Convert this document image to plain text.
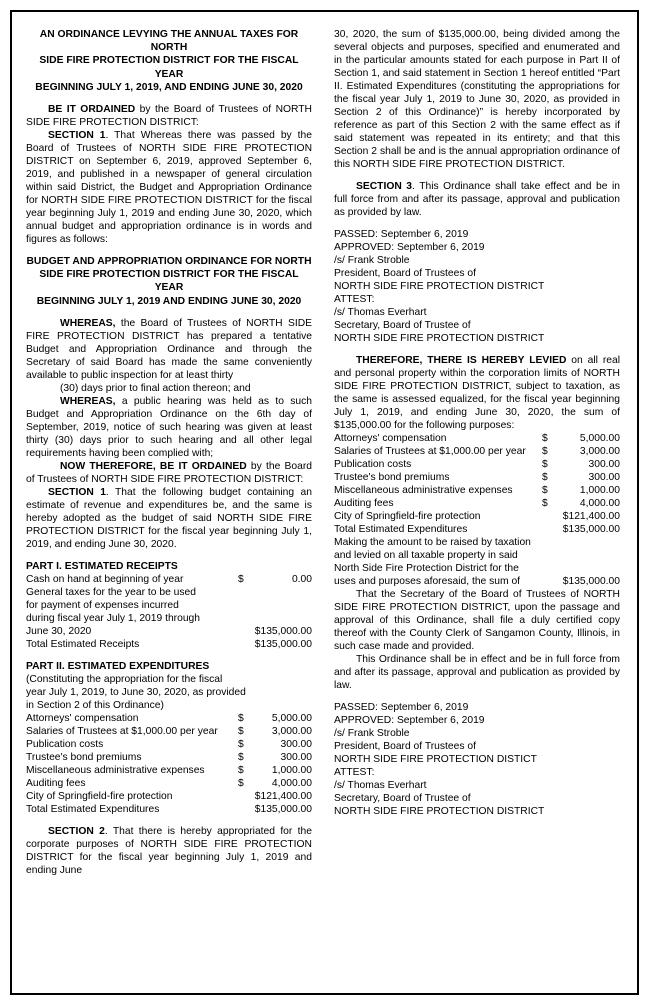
AN ORDINANCE LEVYING THE ANNUAL TAXES FOR NORTH
SIDE FIRE PROTECTION DISTRICT FOR THE FISCAL YEAR
BEGINNING JULY 1, 2019, AND ENDING JUNE 30, 2020

BE IT ORDAINED by the Board of Trustees of NORTH SIDE FIRE PROTECTION DISTRICT:

SECTION 1. That Whereas there was passed by the Board of Trustees of NORTH SIDE FIRE PROTECTION DISTRICT on September 6, 2019, approved September 6, 2019, and published in a newspaper of general circulation within said District, the Budget and Appropriation Ordinance for NORTH SIDE FIRE PROTECTION DISTRICT for the fiscal year beginning July 1, 2019 and ending June 30, 2020, which annual budget and appropriation ordinance is in words and figures as follows:

BUDGET AND APPROPRIATION ORDINANCE FOR NORTH
SIDE FIRE PROTECTION DISTRICT FOR THE FISCAL YEAR
BEGINNING JULY 1, 2019 AND ENDING JUNE 30, 2020

WHEREAS, the Board of Trustees of NORTH SIDE FIRE PROTECTION DISTRICT has prepared a tentative Budget and Appropriation Ordinance and through the Secretary of said Board has made the same conveniently available to public inspection for at least thirty

(30) days prior to final action thereon; and

WHEREAS, a public hearing was held as to such Budget and Appropriation Ordinance on the 6th day of September, 2019, notice of such hearing was given at least thirty (30) days prior to such hearing and all other legal requirements having been complied with;

NOW THEREFORE, BE IT ORDAINED by the Board of Trustees of NORTH SIDE FIRE PROTECTION DISTRICT:

SECTION 1. That the following budget containing an estimate of revenue and expenditures be, and the same is hereby adopted as the budget of said NORTH SIDE FIRE PROTECTION DISTRICT for the fiscal year beginning July 1, 2019, and ending June 30, 2020.

PART I. ESTIMATED RECEIPTS

Cash on hand at beginning of year	$	0.00
General taxes for the year to be used
for payment of expenses incurred
during fiscal year July 1, 2019 through
June 30, 2020	$135,000.00
Total Estimated Receipts	$135,000.00

PART II. ESTIMATED EXPENDITURES

(Constituting the appropriation for the fiscal

year July 1, 2019, to June 30, 2020, as provided

in Section 2 of this Ordinance)

Attorneys' compensation	$	5,000.00
Salaries of Trustees at $1,000.00 per year	$	3,000.00
Publication costs	$	300.00
Trustee's bond premiums	$	300.00
Miscellaneous administrative expenses	$	1,000.00
Auditing fees	$	4,000.00
City of Springfield-fire protection	$121,400.00
Total Estimated Expenditures	$135,000.00

SECTION 2. That there is hereby appropriated for the corporate purposes of NORTH SIDE FIRE PROTECTION DISTRICT for the fiscal year beginning July 1, 2019 and ending June

30, 2020, the sum of $135,000.00, being divided among the several objects and purposes, specified and enumerated and in the particular amounts stated for each purpose in Part II of Section 1, and said statement in Section 1 hereof entitled “Part II. Estimated Expenditures (constituting the appropriations for the fiscal year July 1, 2019 to June 30, 2020, as provided in Section 2 of this Ordinance)” is hereby incorporated by reference as part of this Section 2 with the same effect as if said statement was repeated in its entirety; and that this Section 2 shall be and is the annual appropriation ordinance of this NORTH SIDE FIRE PROTECTION DISTRICT.

SECTION 3. This Ordinance shall take effect and be in full force from and after its passage, approval and publication as provided by law.

PASSED: September 6, 2019

APPROVED: September 6, 2019

/s/ Frank Stroble

President, Board of Trustees of

NORTH SIDE FIRE PROTECTION DISTRICT

ATTEST:

/s/ Thomas Everhart

Secretary, Board of Trustee of

NORTH SIDE FIRE PROTECTION DISTRICT

THEREFORE, THERE IS HEREBY LEVIED on all real and personal property within the corporation limits of NORTH SIDE FIRE PROTECTION DISTRICT, subject to taxation, as the same is assessed equalized, for the fiscal year beginning July 1, 2019, and ending June 30, 2020, the sum of $135,000.00 for the following purposes:

Attorneys' compensation	$	5,000.00
Salaries of Trustees at $1,000.00 per year	$	3,000.00
Publication costs	$	300.00
Trustee's bond premiums	$	300.00
Miscellaneous administrative expenses	$	1,000.00
Auditing fees	$	4,000.00
City of Springfield-fire protection	$121,400.00
Total Estimated Expenditures	$135,000.00

Making the amount to be raised by taxation

and levied on all taxable property in said

North Side Fire Protection District for the

uses and purposes aforesaid, the sum of	$135,000.00

That the Secretary of the Board of Trustees of NORTH SIDE FIRE PROTECTION DISTRICT, upon the passage and approval of this Ordinance, shall file a duly certified copy thereof with the County Clerk of Sangamon County, Illinois, in such case made and provided.

This Ordinance shall be in effect and be in full force from and after its passage, approval and publication as provided by law.

PASSED: September 6, 2019

APPROVED: September 6, 2019

/s/ Frank Stroble

President, Board of Trustees of

NORTH SIDE FIRE PROTECTION DISTICT

ATTEST:

/s/ Thomas Everhart

Secretary, Board of Trustee of

NORTH SIDE FIRE PROTECTION DISTRICT
